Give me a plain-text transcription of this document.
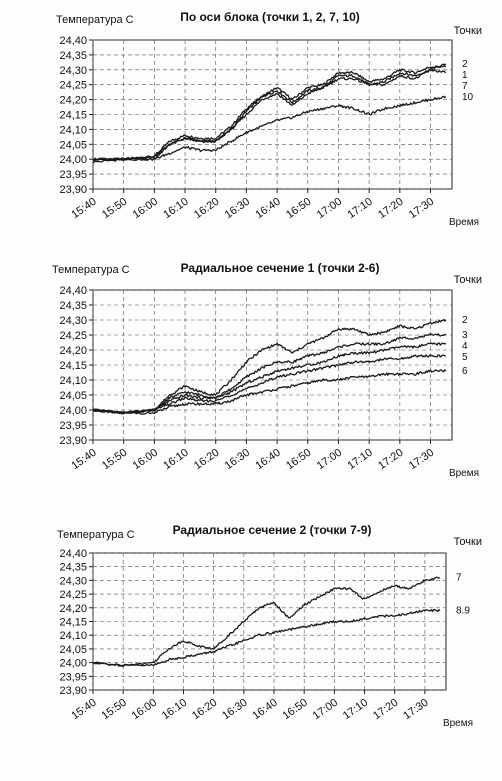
24,40
24,35
24,30
24,25
24,20
24,15
24,10
24,05
24,00
23,95
23,90
15:40 15:50 16:00 16:10 16:20 16:30 16:40 16:50 17:00 17:10 17:20 17:30
По оси блока (точки 1, 2, 7, 10)
Температура С
Время
Точки
2
1
7
10
24,40
24,35
24,30
24,25
24,20
24,15
24,10
24,05
24,00
23,95
23,90
15:40 15:50 16:00 16:10 16:20 16:30 16:40 16:50 17:00 17:10 17:20 17:30
Радиальное сечение 1 (точки 2-6)
Температура С
Время
Точки
2
3
4
5
6
24,40
24,35
24,30
24,25
24,20
24,15
24,10
24,05
24,00
23,95
23,90
15:40 15:50 16:00 16:10 16:20 16:30 16:40 16:50 17:00 17:10 17:20 17:30
Радиальное сечение 2 (точки 7-9)
Температура С
Время
Точки
7
8.9
